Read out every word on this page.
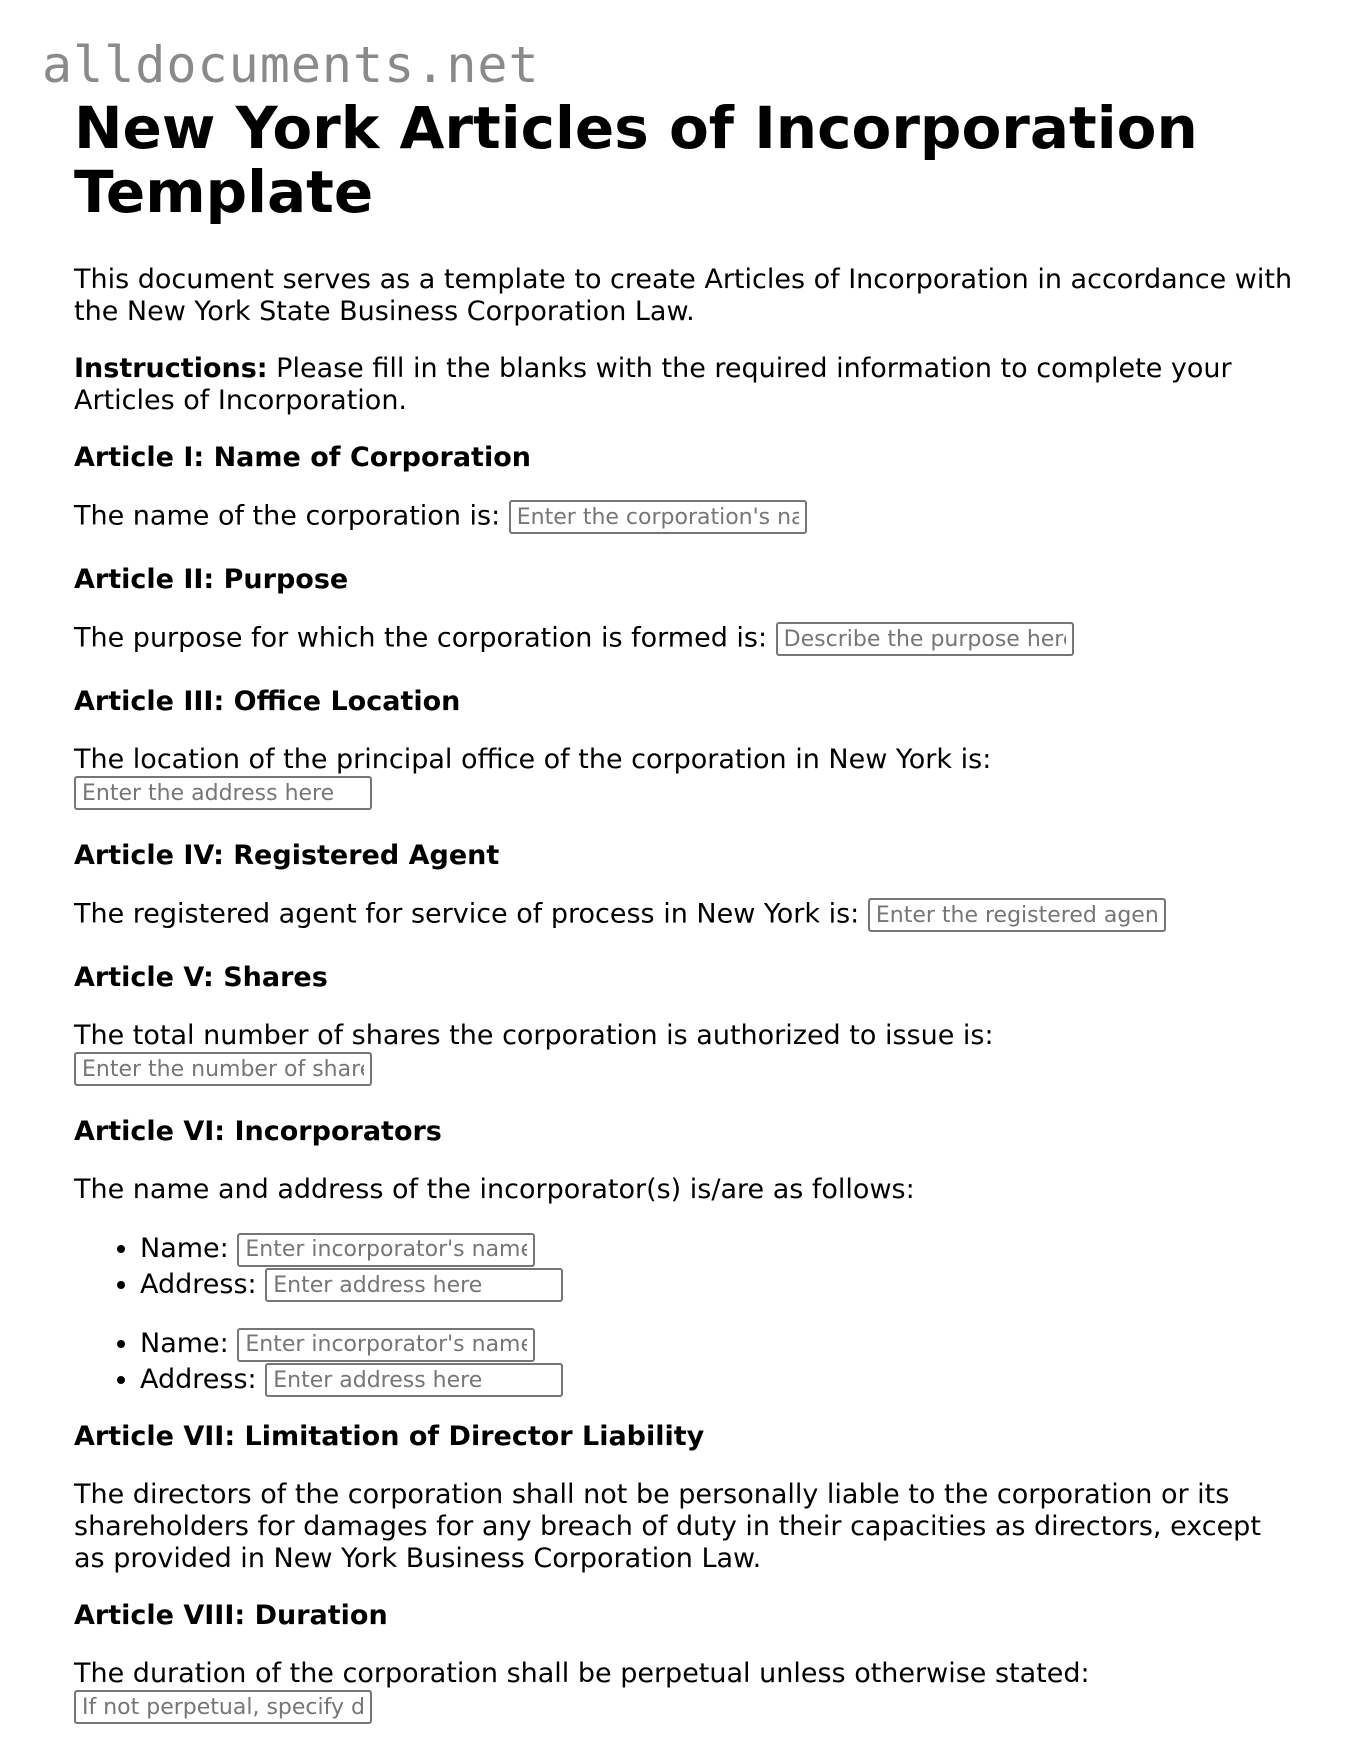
alldocuments.net
New York Articles of Incorporation Template

This document serves as a template to create Articles of Incorporation in accordance with the New York State Business Corporation Law.

Instructions: Please fill in the blanks with the required information to complete your Articles of Incorporation.

Article I: Name of Corporation

The name of the corporation is: Enter the corporation's name

Article II: Purpose

The purpose for which the corporation is formed is: Describe the purpose here

Article III: Office Location

The location of the principal office of the corporation in New York is: Enter the address here

Article IV: Registered Agent

The registered agent for service of process in New York is: Enter the registered agent

Article V: Shares

The total number of shares the corporation is authorized to issue is: Enter the number of shares

Article VI: Incorporators

The name and address of the incorporator(s) is/are as follows:

• Name: Enter incorporator's name
• Address: Enter address here
• Name: Enter incorporator's name
• Address: Enter address here
Article VII: Limitation of Director Liability

The directors of the corporation shall not be personally liable to the corporation or its shareholders for damages for any breach of duty in their capacities as directors, except as provided in New York Business Corporation Law.

Article VIII: Duration

The duration of the corporation shall be perpetual unless otherwise stated:

If not perpetual, specify duration
